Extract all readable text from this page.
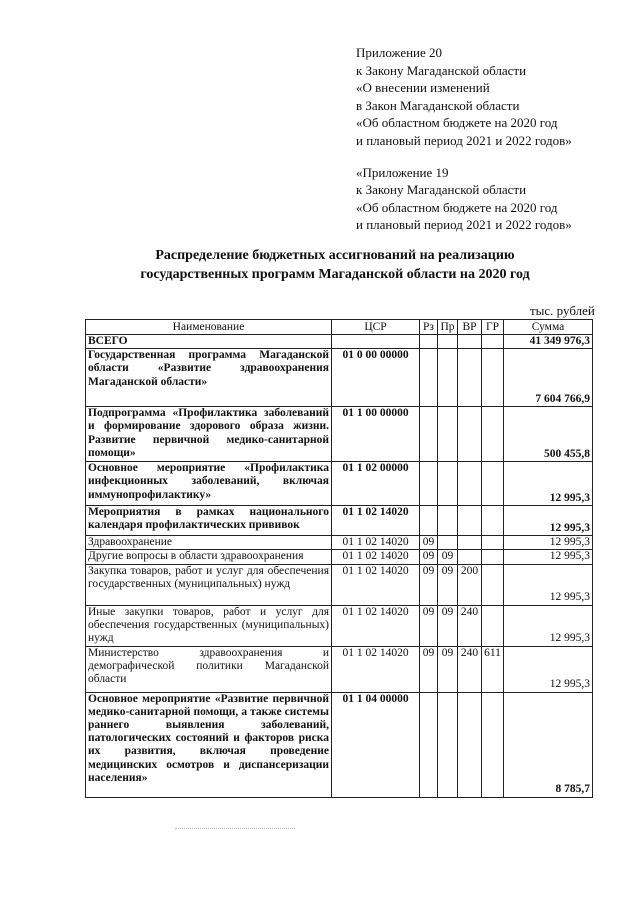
Приложение 20
к Закону Магаданской области
«О внесении изменений
в Закон Магаданской области
«Об областном бюджете на 2020 год
и плановый период 2021 и 2022 годов»
«Приложение 19
к Закону Магаданской области
«Об областном бюджете на 2020 год
и плановый период 2021 и 2022 годов»
Распределение бюджетных ассигнований на реализацию государственных программ Магаданской области на 2020 год
тыс. рублей
Наименование	ЦСР	Рз	Пр	ВР	ГР	Сумма
ВСЕГО						41 349 976,3
Государственная программа Магаданской области «Развитие здравоохранения Магаданской области»	01 0 00 00000					7 604 766,9
Подпрограмма «Профилактика заболеваний и формирование здорового образа жизни. Развитие первичной медико-санитарной помощи»	01 1 00 00000					500 455,8
Основное мероприятие «Профилактика инфекционных заболеваний, включая иммунопрофилактику»	01 1 02 00000					12 995,3
Мероприятия в рамках национального календаря профилактических прививок	01 1 02 14020					12 995,3
Здравоохранение	01 1 02 14020	09				12 995,3
Другие вопросы в области здравоохранения	01 1 02 14020	09	09			12 995,3
Закупка товаров, работ и услуг для обеспечения государственных (муниципальных) нужд	01 1 02 14020	09	09	200		12 995,3
Иные закупки товаров, работ и услуг для обеспечения государственных (муниципальных) нужд	01 1 02 14020	09	09	240		12 995,3
Министерство здравоохранения и демографической политики Магаданской области	01 1 02 14020	09	09	240	611	12 995,3
Основное мероприятие «Развитие первичной медико-санитарной помощи, а также системы раннего выявления заболеваний, патологических состояний и факторов риска их развития, включая проведение медицинских осмотров и диспансеризации населения»	01 1 04 00000					8 785,7
